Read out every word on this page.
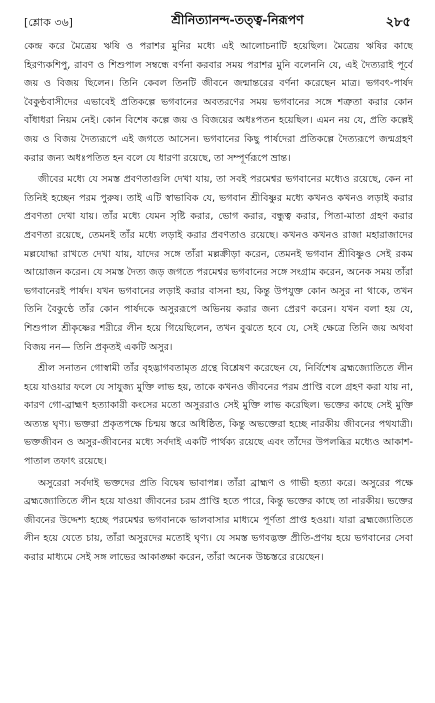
[শ্লোক ৩৬]	শ্রীনিত্যানন্দ-তত্ত্ব-নিরূপণ	২৮৫

কেন্দ্র করে মৈত্রেয় ঋষি ও পরাশর মুনির মধ্যে এই আলোচনাটি হয়েছিল। মৈত্রেয় ঋষির কাছে হিরণ্যকশিপু, রাবণ ও শিশুপাল সম্বন্ধে বর্ণনা করবার সময় পরাশর মুনি বলেননি যে, এই দৈত্যরাই পূর্বে জয় ও বিজয় ছিলেন। তিনি কেবল তিনটি জীবনে জন্মান্তরের বর্ণনা করেছেন মাত্র। ভগবৎ-পার্ষদ বৈকুণ্ঠবাসীদের এভাবেই প্রতিকল্পে ভগবানের অবতরণের সময় ভগবানের সঙ্গে শত্রুতা করার কোন বাঁধাধরা নিয়ম নেই। কোন বিশেষ কল্পে জয় ও বিজয়ের অধঃপতন হয়েছিল। এমন নয় যে, প্রতি কল্পেই জয় ও বিজয় দৈত্যরূপে এই জগতে আসেন। ভগবানের কিছু পার্ষদেরা প্রতিকল্পে দৈত্যরূপে জন্মগ্রহণ করার জন্য অধঃপতিত হন বলে যে ধারণা রয়েছে, তা সম্পূর্ণরূপে ভ্রান্ত।

জীবের মধ্যে যে সমস্ত প্রবণতাগুলি দেখা যায়, তা সবই পরমেশ্বর ভগবানের মধ্যেও রয়েছে, কেন না তিনিই হচ্ছেন পরম পুরুষ। তাই এটি স্বাভাবিক যে, ভগবান শ্রীবিষ্ণুর মধ্যে কখনও কখনও লড়াই করার প্রবণতা দেখা যায়। তাঁর মধ্যে যেমন সৃষ্টি করার, ভোগ করার, বন্ধুত্ব করার, পিতা-মাতা গ্রহণ করার প্রবণতা রয়েছে, তেমনই তাঁর মধ্যে লড়াই করার প্রবণতাও রয়েছে। কখনও কখনও রাজা মহারাজাদের মল্লযোদ্ধা রাখতে দেখা যায়, যাদের সঙ্গে তাঁরা মল্লক্রীড়া করেন, তেমনই ভগবান শ্রীবিষ্ণুও সেই রকম আয়োজন করেন। যে সমস্ত দৈত্য জড় জগতে পরমেশ্বর ভগবানের সঙ্গে সংগ্রাম করেন, অনেক সময় তাঁরা ভগবানেরই পার্ষদ। যখন ভগবানের লড়াই করার বাসনা হয়, কিন্তু উপযুক্ত কোন অসুর না থাকে, তখন তিনি বৈকুণ্ঠে তাঁর কোন পার্ষদকে অসুররূপে অভিনয় করার জন্য প্রেরণ করেন। যখন বলা হয় যে, শিশুপাল শ্রীকৃষ্ণের শরীরে লীন হয়ে গিয়েছিলেন, তখন বুঝতে হবে যে, সেই ক্ষেত্রে তিনি জয় অথবা বিজয় নন— তিনি প্রকৃতই একটি অসুর।

শ্রীল সনাতন গোস্বামী তাঁর বৃহদ্ভাগবতামৃত গ্রন্থে বিশ্লেষণ করেছেন যে, নির্বিশেষ ব্রহ্মজ্যোতিতে লীন হয়ে যাওয়ার ফলে যে সাযুজ্য মুক্তি লাভ হয়, তাকে কখনও জীবনের পরম প্রাপ্তি বলে গ্রহণ করা যায় না, কারণ গো-ব্রাহ্মণ হত্যাকারী কংসের মতো অসুররাও সেই মুক্তি লাভ করেছিল। ভক্তের কাছে সেই মুক্তি অত্যন্ত ঘৃণ্য। ভক্তরা প্রকৃতপক্ষে চিন্ময় স্তরে অধিষ্ঠিত, কিন্তু অভক্তেরা হচ্ছে নারকীয় জীবনের পথযাত্রী। ভক্তজীবন ও অসুর-জীবনের মধ্যে সর্বদাই একটি পার্থক্য রয়েছে এবং তাঁদের উপলব্ধির মধ্যেও আকাশ-পাতাল তফাৎ রয়েছে।

অসুরেরা সর্বদাই ভক্তদের প্রতি বিদ্বেষ ভাবাপন্ন। তাঁরা ব্রাহ্মণ ও গাভী হত্যা করে। অসুরের পক্ষে ব্রহ্মজ্যোতিতে লীন হয়ে যাওয়া জীবনের চরম প্রাপ্তি হতে পারে, কিন্তু ভক্তের কাছে তা নারকীয়। ভক্তের জীবনের উদ্দেশ্য হচ্ছে পরমেশ্বর ভগবানকে ভালবাসার মাধ্যমে পূর্ণতা প্রাপ্ত হওয়া। যারা ব্রহ্মজ্যোতিতে লীন হয়ে যেতে চায়, তাঁরা অসুরদের মতোই ঘৃণ্য। যে সমস্ত ভগবদ্ভক্ত প্রীতি-প্রণয় হয়ে ভগবানের সেবা করার মাধ্যমে সেই সঙ্গ লাভের আকাঙ্ক্ষা করেন, তাঁরা অনেক উচ্চস্তরে রয়েছেন।
